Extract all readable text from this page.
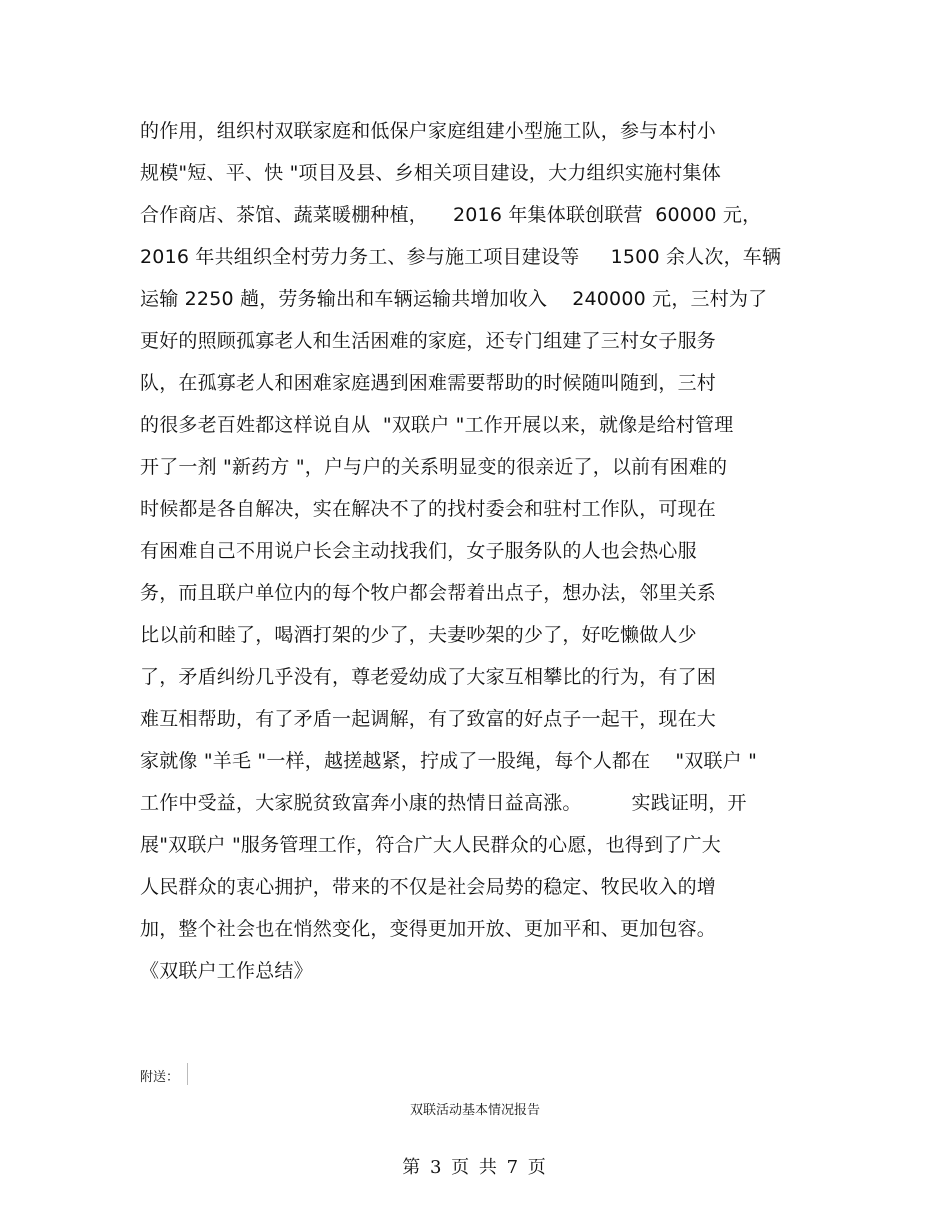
的作用，组织村双联家庭和低保户家庭组建小型施工队，参与本村小
规模"短、平、快 "项目及县、乡相关项目建设，大力组织实施村集体
合作商店、茶馆、蔬菜暖棚种植，    2016 年集体联创联营  60000 元，
2016 年共组织全村劳力务工、参与施工项目建设等     1500 余人次，车辆
运输 2250 趟，劳务输出和车辆运输共增加收入    240000 元，三村为了
更好的照顾孤寡老人和生活困难的家庭，还专门组建了三村女子服务
队，在孤寡老人和困难家庭遇到困难需要帮助的时候随叫随到，三村
的很多老百姓都这样说自从  "双联户 "工作开展以来，就像是给村管理
开了一剂 "新药方 "，户与户的关系明显变的很亲近了，以前有困难的
时候都是各自解决，实在解决不了的找村委会和驻村工作队，可现在
有困难自己不用说户长会主动找我们，女子服务队的人也会热心服
务，而且联户单位内的每个牧户都会帮着出点子，想办法，邻里关系
比以前和睦了，喝酒打架的少了，夫妻吵架的少了，好吃懒做人少
了，矛盾纠纷几乎没有，尊老爱幼成了大家互相攀比的行为，有了困
难互相帮助，有了矛盾一起调解，有了致富的好点子一起干，现在大
家就像 "羊毛 "一样，越搓越紧，拧成了一股绳，每个人都在    "双联户 "
工作中受益，大家脱贫致富奔小康的热情日益高涨。        实践证明，开
展"双联户 "服务管理工作，符合广大人民群众的心愿，也得到了广大
人民群众的衷心拥护，带来的不仅是社会局势的稳定、牧民收入的增
加，整个社会也在悄然变化，变得更加开放、更加平和、更加包容。
《双联户工作总结》
附送：
双联活动基本情况报告
第 3 页 共 7 页
